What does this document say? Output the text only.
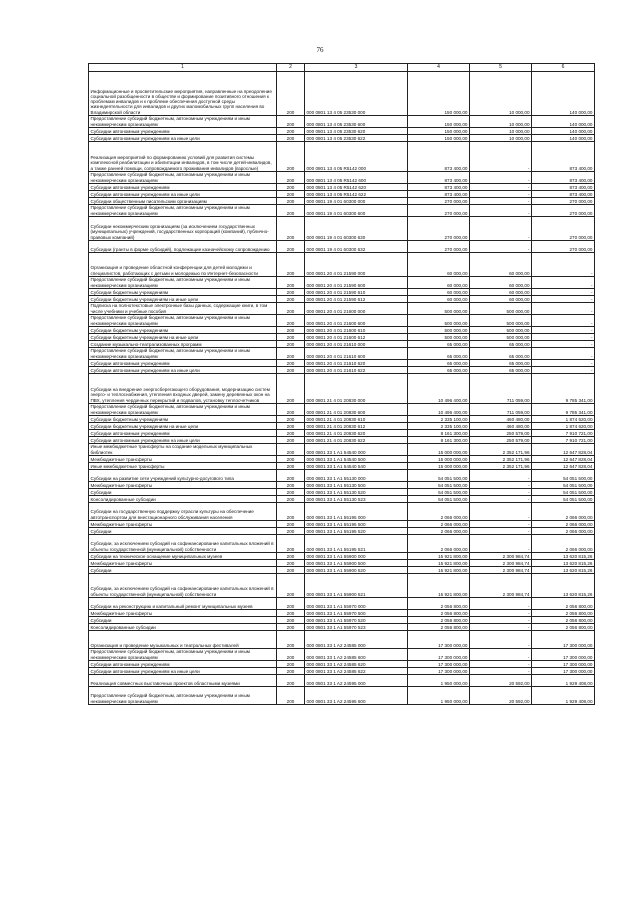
76
1	2	3	4	5	6
Информационные и просветительские мероприятия, направленные на преодоление социальной разобщенности в обществе и формирование позитивного отношения к проблемам инвалидов и к проблеме обеспечения доступной среды жизнедеятельности для инвалидов и других маломобильных групп населения во Владимирской области	200	000 0801 13 4 05 23530 000	150 000,00	10 000,00	140 000,00
Предоставление субсидий бюджетным, автономным учреждениям и иным некоммерческим организациям	200	000 0801 13 4 05 23530 600	150 000,00	10 000,00	140 000,00
Субсидии автономным учреждениям	200	000 0801 13 4 05 23530 620	150 000,00	10 000,00	140 000,00
Субсидии автономным учреждениям на иные цели	200	000 0801 13 4 05 23530 622	150 000,00	10 000,00	140 000,00
Реализация мероприятий по формированию условий для развития системы комплексной реабилитации и абилитации инвалидов, в том числе детей-инвалидов, а также ранней помощи, сопровождаемого проживания инвалидов (взрослые)	200	000 0801 13 4 05 R5142 000	873 400,00	-	873 400,00
Предоставление субсидий бюджетным, автономным учреждениям и иным некоммерческим организациям	200	000 0801 13 4 05 R5142 600	873 400,00	-	873 400,00
Субсидии автономным учреждениям	200	000 0801 13 4 05 R5142 620	873 400,00	-	873 400,00
Субсидии автономным учреждениям на иные цели	200	000 0801 13 4 05 R5142 622	873 400,00	-	873 400,00
Субсидии общественным писательским организациям	200	000 0801 19 4 01 60300 000	270 000,00	-	270 000,00
Предоставление субсидий бюджетным, автономным учреждениям и иным некоммерческим организациям	200	000 0801 19 4 01 60300 600	270 000,00	-	270 000,00
Субсидии некоммерческим организациям (за исключением государственных (муниципальных) учреждений, государственных корпораций (компаний), публично-правовых компаний)	200	000 0801 19 4 01 60300 630	270 000,00	-	270 000,00
Субсидии (гранты в форме субсидий), подлежащие казначейскому сопровождению	200	000 0801 19 4 01 60300 632	270 000,00	-	270 000,00
Организация и проведение областной конференции для детей молодежи и специалистов, работающих с детьми и молодежью по Интернет-безопасности	200	000 0801 20 4 01 21590 000	60 000,00	60 000,00	-
Предоставление субсидий бюджетным, автономным учреждениям и иным некоммерческим организациям	200	000 0801 20 4 01 21590 600	60 000,00	60 000,00	-
Субсидии бюджетным учреждениям	200	000 0801 20 4 01 21590 610	60 000,00	60 000,00	-
Субсидии бюджетным учреждениям на иные цели	200	000 0801 20 4 01 21590 612	60 000,00	60 000,00	-
Подписка на полнотекстовые электронные базы данных, содержащие книги, в том числе учебники и учебные пособия	200	000 0801 20 4 01 21600 000	500 000,00	500 000,00	-
Предоставление субсидий бюджетным, автономным учреждениям и иным некоммерческим организациям	200	000 0801 20 4 01 21600 600	500 000,00	500 000,00	-
Субсидии бюджетным учреждениям	200	000 0801 20 4 01 21600 610	500 000,00	500 000,00	-
Субсидии бюджетным учреждениям на иные цели	200	000 0801 20 4 01 21600 612	500 000,00	500 000,00	-
Создание музыкально-театрализованных программ	200	000 0801 20 4 01 21610 000	65 000,00	65 000,00	-
Предоставление субсидий бюджетным, автономным учреждениям и иным некоммерческим организациям	200	000 0801 20 4 01 21610 600	65 000,00	65 000,00	-
Субсидии автономным учреждениям	200	000 0801 20 4 01 21610 620	65 000,00	65 000,00	-
Субсидии автономным учреждениям на иные цели	200	000 0801 20 4 01 21610 622	65 000,00	65 000,00	-
Субсидии на внедрение энергосберегающего оборудования, модернизацию систем энерго- и теплоснабжения, утепления входных дверей, замену деревянных окон на ПВХ, утепления чердачных перекрытий и подвалов, установку теплосчетчиков	200	000 0801 21 4 01 20830 000	10 496 400,00	711 059,00	9 785 341,00
Предоставление субсидий бюджетным, автономным учреждениям и иным некоммерческим организациям	200	000 0801 21 4 01 20830 600	10 496 400,00	711 059,00	9 785 341,00
Субсидии бюджетным учреждениям	200	000 0801 21 4 01 20830 610	2 335 100,00	460 480,00	1 874 620,00
Субсидии бюджетным учреждениям на иные цели	200	000 0801 21 4 01 20830 612	2 335 100,00	460 480,00	1 874 620,00
Субсидии автономным учреждениям	200	000 0801 21 4 01 20830 620	8 161 300,00	250 579,00	7 910 721,00
Субсидии автономным учреждениям на иные цели	200	000 0801 21 4 01 20830 622	8 161 300,00	250 579,00	7 910 721,00
Иные межбюджетные трансферты на создание модельных муниципальных библиотек	200	000 0801 33 1 A1 54540 000	15 000 000,00	2 352 171,96	12 647 828,04
Межбюджетные трансферты	200	000 0801 33 1 A1 54540 500	15 000 000,00	2 352 171,96	12 647 828,04
Иные межбюджетные трансферты	200	000 0801 33 1 A1 54540 540	15 000 000,00	2 352 171,96	12 647 828,04
Субсидии на развитие сети учреждений культурно-досугового типа	200	000 0801 33 1 A1 55130 000	54 051 500,00	-	54 051 500,00
Межбюджетные трансферты	200	000 0801 33 1 A1 55130 500	54 051 500,00	-	54 051 500,00
Субсидии	200	000 0801 33 1 A1 55130 520	54 051 500,00	-	54 051 500,00
Консолидированные субсидии	200	000 0801 33 1 A1 55130 523	54 051 500,00	-	54 051 500,00
Субсидии на государственную поддержку отрасли культуры на обеспечение автотранспортом для внестационарного обслуживания населения	200	000 0801 33 1 A1 55195 000	2 066 000,00	-	2 066 000,00
Межбюджетные трансферты	200	000 0801 33 1 A1 55195 500	2 066 000,00	-	2 066 000,00
Субсидии	200	000 0801 33 1 A1 55195 520	2 066 000,00	-	2 066 000,00
Субсидии, за исключением субсидий на софинансирование капитальных вложений в объекты государственной (муниципальной) собственности	200	000 0801 33 1 A1 55195 521	2 066 000,00	-	2 066 000,00
Субсидии на техническое оснащение муниципальных музеев	200	000 0801 33 1 A1 55900 000	15 921 800,00	2 300 984,74	13 620 815,26
Межбюджетные трансферты	200	000 0801 33 1 A1 55900 500	15 921 800,00	2 300 984,74	13 620 815,26
Субсидии	200	000 0801 33 1 A1 55900 520	15 921 800,00	2 300 984,74	13 620 815,26
Субсидии, за исключением субсидий на софинансирование капитальных вложений в объекты государственной (муниципальной) собственности	200	000 0801 33 1 A1 55900 521	15 921 800,00	2 300 984,74	13 620 815,26
Субсидии на реконструкцию и капитальный ремонт муниципальных музеев	200	000 0801 33 1 A1 55970 000	2 056 800,00	-	2 056 800,00
Межбюджетные трансферты	200	000 0801 33 1 A1 55970 500	2 056 800,00	-	2 056 800,00
Субсидии	200	000 0801 33 1 A1 55970 520	2 056 800,00	-	2 056 800,00
Консолидированные субсидии	200	000 0801 33 1 A1 55970 523	2 056 800,00	-	2 056 800,00
Организация и проведение музыкальных и театральных фестивалей	200	000 0801 33 1 A2 24585 000	17 300 000,00	-	17 300 000,00
Предоставление субсидий бюджетным, автономным учреждениям и иным некоммерческим организациям	200	000 0801 33 1 A2 24585 600	17 300 000,00	-	17 300 000,00
Субсидии автономным учреждениям	200	000 0801 33 1 A2 24585 620	17 300 000,00	-	17 300 000,00
Субсидии автономным учреждениям на иные цели	200	000 0801 33 1 A2 24585 622	17 300 000,00	-	17 300 000,00
Реализация совместных выставочных проектов областными музеями	200	000 0801 33 1 A2 24595 000	1 950 000,00	20 592,00	1 929 408,00
Предоставление субсидий бюджетным, автономным учреждениям и иным некоммерческим организациям	200	000 0801 33 1 A2 24595 600	1 950 000,00	20 592,00	1 929 408,00
